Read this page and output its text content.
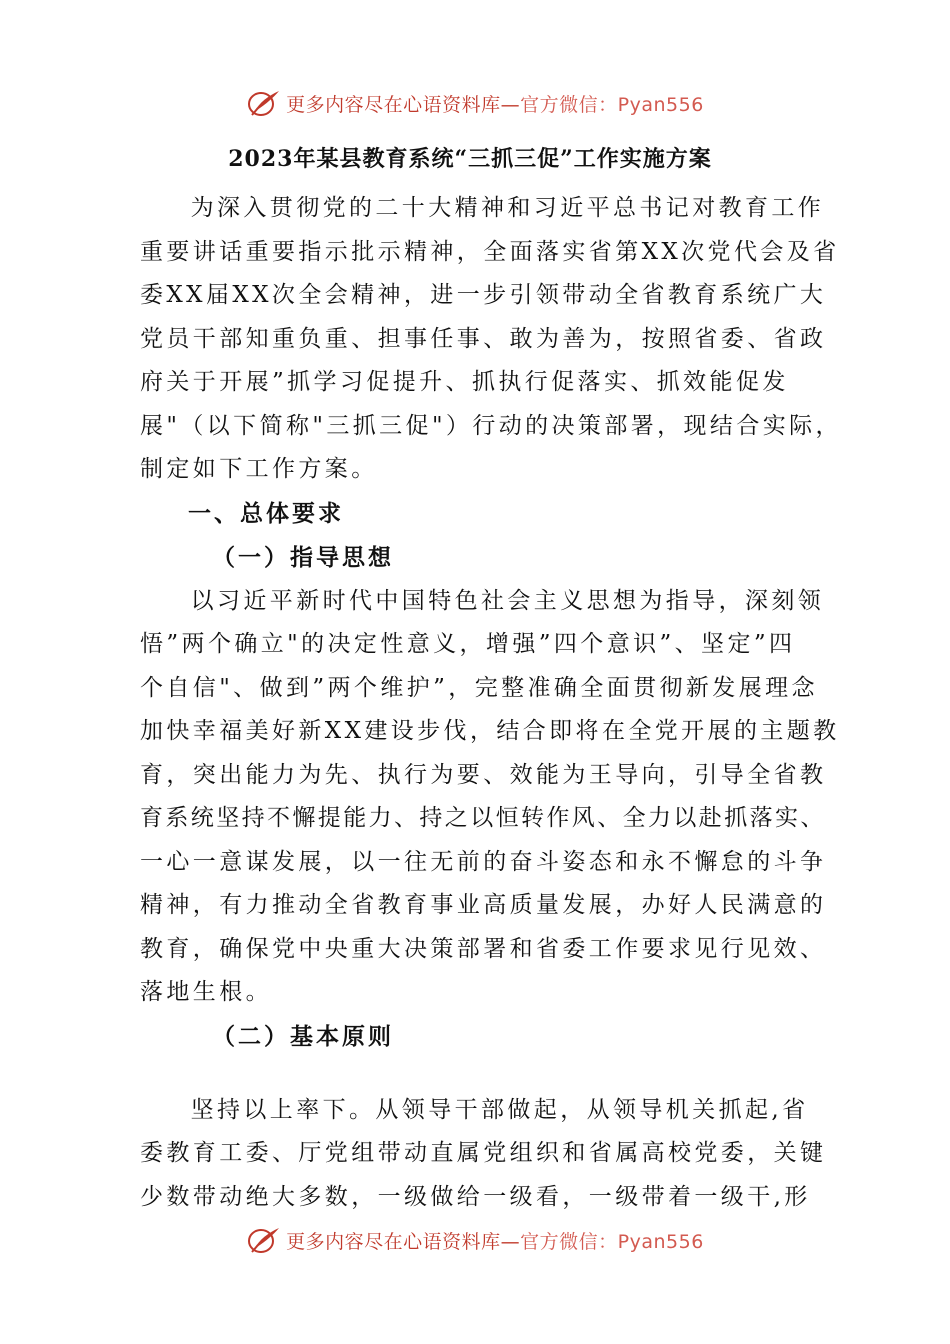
更多内容尽在心语资料库— 官方微信：Pyan556
2023年某县教育系统“三抓三促”工作实施方案

为深入贯彻党的二十大精神和习近平总书记对教育工作

重要讲话重要指示批示精神，全面落实省第XX次党代会及省

委XX届XX次全会精神，进一步引领带动全省教育系统广大

党员干部知重负重、担事任事、敢为善为，按照省委、省政

府关于开展”抓学习促提升、抓执行促落实、抓效能促发

展"（以下简称"三抓三促"）行动的决策部署，现结合实际，

制定如下工作方案。

一、总体要求

（一）指导思想

以习近平新时代中国特色社会主义思想为指导，深刻领

悟”两个确立"的决定性意义，增强”四个意识”、坚定”四

个自信"、做到”两个维护”，完整准确全面贯彻新发展理念

加快幸福美好新XX建设步伐，结合即将在全党开展的主题教

育，突出能力为先、执行为要、效能为王导向，引导全省教

育系统坚持不懈提能力、持之以恒转作风、全力以赴抓落实、

一心一意谋发展，以一往无前的奋斗姿态和永不懈怠的斗争

精神，有力推动全省教育事业高质量发展，办好人民满意的

教育，确保党中央重大决策部署和省委工作要求见行见效、

落地生根。

（二）基本原则

坚持以上率下。从领导干部做起，从领导机关抓起,省

委教育工委、厅党组带动直属党组织和省属高校党委，关键

少数带动绝大多数，一级做给一级看，一级带着一级干,形

更多内容尽在心语资料库— 官方微信：Pyan556
